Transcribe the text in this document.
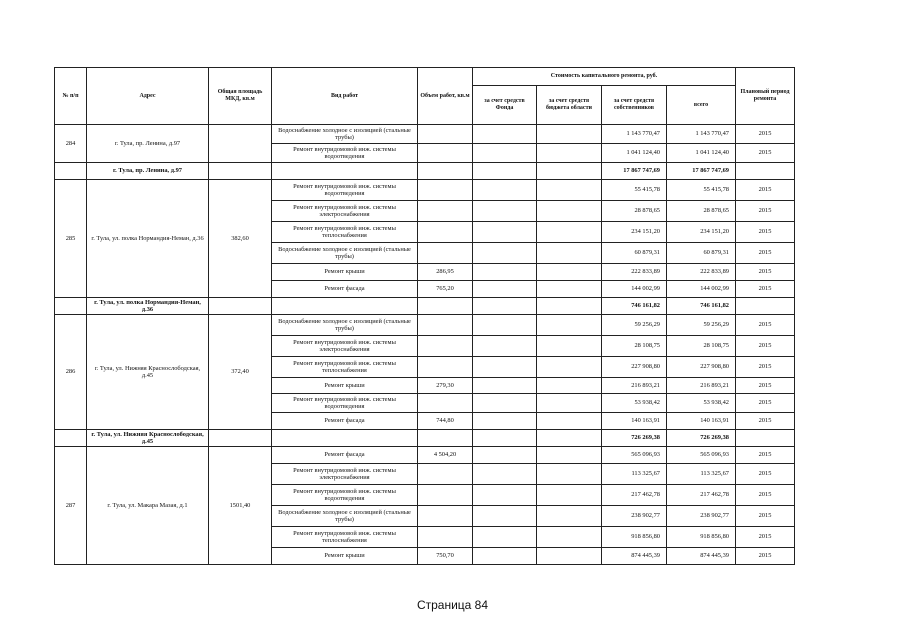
№ п/п	Адрес	Общая площадь МКД, кв.м	Вид работ	Объем работ, кв.м	Стоимость капитального ремонта, руб.				Плановый период ремонта
					за счет средств Фонда	за счет средств бюджета области	за счет средств собственников	всего	
284	г. Тула, пр. Ленина, д.97		Водоснабжение холодное с изоляцией (стальные трубы)				1 143 770,47	1 143 770,47	2015
			Ремонт внутридомовой инж. системы водоотведения				1 041 124,40	1 041 124,40	2015
	г. Тула, пр. Ленина, д.97						17 867 747,69	17 867 747,69	
285	г. Тула, ул. полка Нормандия-Неман, д.36	382,60	Ремонт внутридомовой инж. системы водоотведения				55 415,78	55 415,78	2015
			Ремонт внутридомовой инж. системы электроснабжения				28 878,65	28 878,65	2015
			Ремонт внутридомовой инж. системы теплоснабжения				234 151,20	234 151,20	2015
			Водоснабжение холодное с изоляцией (стальные трубы)				60 879,31	60 879,31	2015
			Ремонт крыши	286,95			222 833,89	222 833,89	2015
			Ремонт фасада	765,20			144 002,99	144 002,99	2015
	г. Тула, ул. полка Нормандия-Неман, д.36						746 161,82	746 161,82	
286	г. Тула, ул. Нижняя Краснослободская, д.45	372,40	Водоснабжение холодное с изоляцией (стальные трубы)				59 256,29	59 256,29	2015
			Ремонт внутридомовой инж. системы электроснабжения				28 108,75	28 108,75	2015
			Ремонт внутридомовой инж. системы теплоснабжения				227 908,80	227 908,80	2015
			Ремонт крыши	279,30			216 893,21	216 893,21	2015
			Ремонт внутридомовой инж. системы водоотведения				53 938,42	53 938,42	2015
			Ремонт фасада	744,80			140 163,91	140 163,91	2015
	г. Тула, ул. Нижняя Краснослободская, д.45						726 269,38	726 269,38	
287	г. Тула, ул. Макара Мазая, д.1	1501,40	Ремонт фасада	4 504,20			565 096,93	565 096,93	2015
			Ремонт внутридомовой инж. системы электроснабжения				113 325,67	113 325,67	2015
			Ремонт внутридомовой инж. системы водоотведения				217 462,78	217 462,78	2015
			Водоснабжение холодное с изоляцией (стальные трубы)				238 902,77	238 902,77	2015
			Ремонт внутридомовой инж. системы теплоснабжения				918 856,80	918 856,80	2015
			Ремонт крыши	750,70			874 445,39	874 445,39	2015
Страница 84
